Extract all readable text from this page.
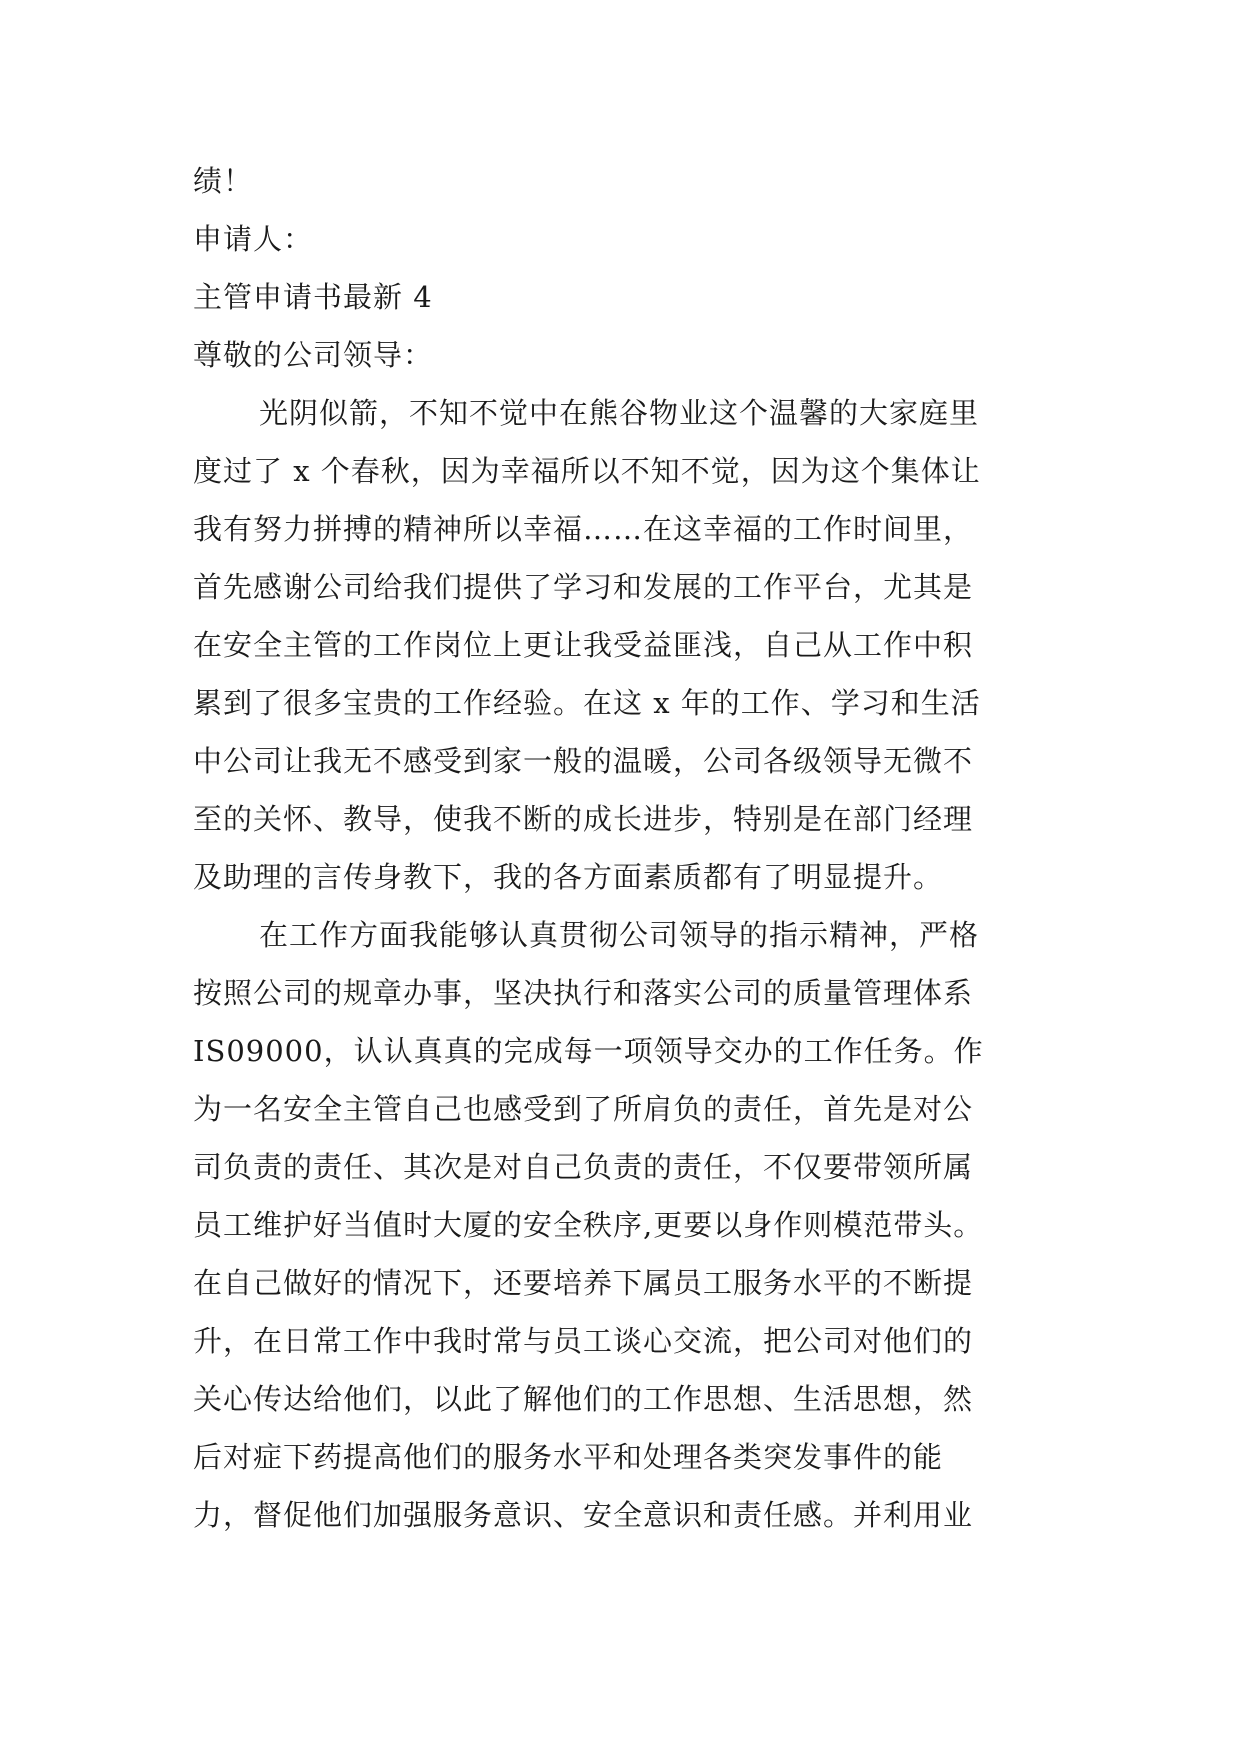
绩！
申请人：
主管申请书最新 4
尊敬的公司领导：
光阴似箭，不知不觉中在熊谷物业这个温馨的大家庭里
度过了 x 个春秋，因为幸福所以不知不觉，因为这个集体让
我有努力拼搏的精神所以幸福……在这幸福的工作时间里，
首先感谢公司给我们提供了学习和发展的工作平台，尤其是
在安全主管的工作岗位上更让我受益匪浅，自己从工作中积
累到了很多宝贵的工作经验。在这 x 年的工作、学习和生活
中公司让我无不感受到家一般的温暖，公司各级领导无微不
至的关怀、教导，使我不断的成长进步，特别是在部门经理
及助理的言传身教下，我的各方面素质都有了明显提升。
在工作方面我能够认真贯彻公司领导的指示精神，严格
按照公司的规章办事，坚决执行和落实公司的质量管理体系
IS09000，认认真真的完成每一项领导交办的工作任务。作
为一名安全主管自己也感受到了所肩负的责任，首先是对公
司负责的责任、其次是对自己负责的责任，不仅要带领所属
员工维护好当值时大厦的安全秩序,更要以身作则模范带头。
在自己做好的情况下，还要培养下属员工服务水平的不断提
升，在日常工作中我时常与员工谈心交流，把公司对他们的
关心传达给他们，以此了解他们的工作思想、生活思想，然
后对症下药提高他们的服务水平和处理各类突发事件的能
力，督促他们加强服务意识、安全意识和责任感。并利用业
